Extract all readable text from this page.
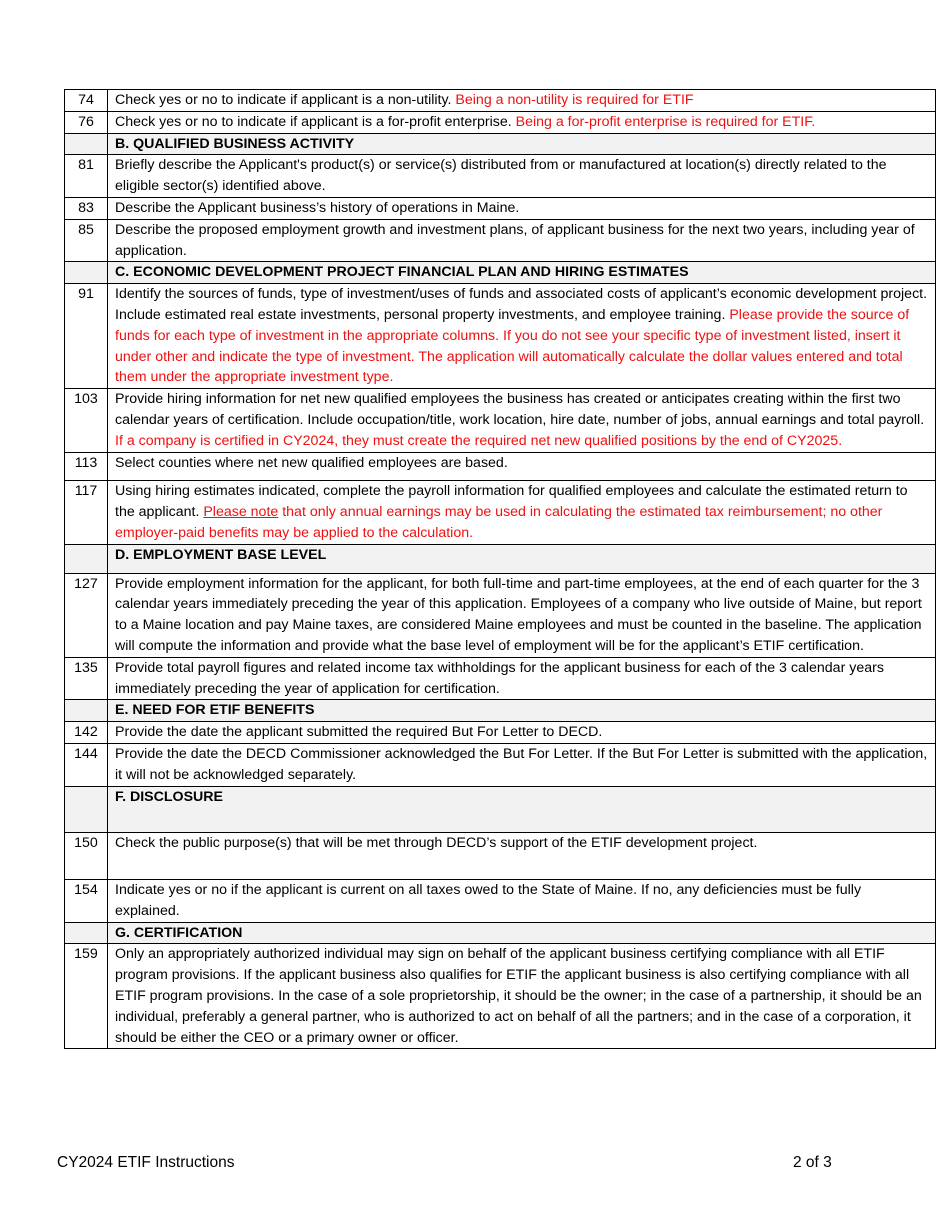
74	Check yes or no to indicate if applicant is a non-utility. Being a non-utility is required for ETIF
76	Check yes or no to indicate if applicant is a for-profit enterprise. Being a for-profit enterprise is required for ETIF.
	B. QUALIFIED BUSINESS ACTIVITY
81	Briefly describe the Applicant's product(s) or service(s) distributed from or manufactured at location(s) directly related to the eligible sector(s) identified above.
83	Describe the Applicant business’s history of operations in Maine.
85	Describe the proposed employment growth and investment plans, of applicant business for the next two years, including year of application.
	C. ECONOMIC DEVELOPMENT PROJECT FINANCIAL PLAN AND HIRING ESTIMATES
91	Identify the sources of funds, type of investment/uses of funds and associated costs of applicant’s economic development project. Include estimated real estate investments, personal property investments, and employee training. Please provide the source of funds for each type of investment in the appropriate columns. If you do not see your specific type of investment listed, insert it under other and indicate the type of investment. The application will automatically calculate the dollar values entered and total them under the appropriate investment type.
103	Provide hiring information for net new qualified employees the business has created or anticipates creating within the first two calendar years of certification. Include occupation/title, work location, hire date, number of jobs, annual earnings and total payroll. If a company is certified in CY2024, they must create the required net new qualified positions by the end of CY2025.
113	Select counties where net new qualified employees are based.
117	Using hiring estimates indicated, complete the payroll information for qualified employees and calculate the estimated return to the applicant. Please note that only annual earnings may be used in calculating the estimated tax reimbursement; no other employer-paid benefits may be applied to the calculation.
	D. EMPLOYMENT BASE LEVEL
127	Provide employment information for the applicant, for both full-time and part-time employees, at the end of each quarter for the 3 calendar years immediately preceding the year of this application. Employees of a company who live outside of Maine, but report to a Maine location and pay Maine taxes, are considered Maine employees and must be counted in the baseline. The application will compute the information and provide what the base level of employment will be for the applicant’s ETIF certification.
135	Provide total payroll figures and related income tax withholdings for the applicant business for each of the 3 calendar years immediately preceding the year of application for certification.
	E. NEED FOR ETIF BENEFITS
142	Provide the date the applicant submitted the required But For Letter to DECD.
144	Provide the date the DECD Commissioner acknowledged the But For Letter. If the But For Letter is submitted with the application, it will not be acknowledged separately.
	F. DISCLOSURE
150	Check the public purpose(s) that will be met through DECD’s support of the ETIF development project.
154	Indicate yes or no if the applicant is current on all taxes owed to the State of Maine. If no, any deficiencies must be fully explained.
	G. CERTIFICATION
159	Only an appropriately authorized individual may sign on behalf of the applicant business certifying compliance with all ETIF program provisions. If the applicant business also qualifies for ETIF the applicant business is also certifying compliance with all ETIF program provisions. In the case of a sole proprietorship, it should be the owner; in the case of a partnership, it should be an individual, preferably a general partner, who is authorized to act on behalf of all the partners; and in the case of a corporation, it should be either the CEO or a primary owner or officer.
CY2024 ETIF Instructions	2 of 3
